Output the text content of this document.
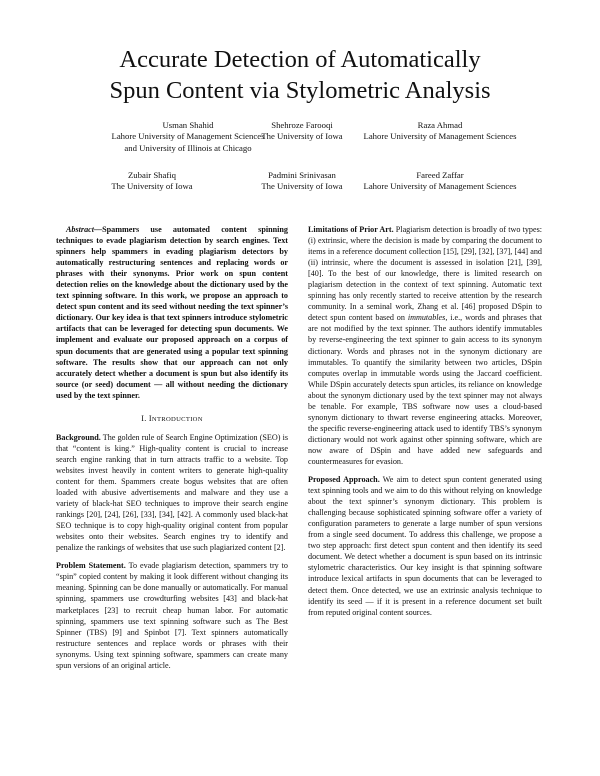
Accurate Detection of Automatically
Spun Content via Stylometric Analysis
Usman Shahid
Lahore University of Management Sciences
and University of Illinois at Chicago
Shehroze Farooqi
The University of Iowa
Raza Ahmad
Lahore University of Management Sciences
Zubair Shafiq
The University of Iowa
Padmini Srinivasan
The University of Iowa
Fareed Zaffar
Lahore University of Management Sciences

Abstract—Spammers use automated content spinning techniques to evade plagiarism detection by search engines. Text spinners help spammers in evading plagiarism detectors by automatically restructuring sentences and replacing words or phrases with their synonyms. Prior work on spun content detection relies on the knowledge about the dictionary used by the text spinning software. In this work, we propose an approach to detect spun content and its seed without needing the text spinner’s dictionary. Our key idea is that text spinners introduce stylometric artifacts that can be leveraged for detecting spun documents. We implement and evaluate our proposed approach on a corpus of spun documents that are generated using a popular text spinning software. The results show that our approach can not only accurately detect whether a document is spun but also identify its source (or seed) document — all without needing the dictionary used by the text spinner.

I. INTRODUCTION

Background. The golden rule of Search Engine Optimization (SEO) is that “content is king.” High-quality content is crucial to increase search engine ranking that in turn attracts traffic to a website. Top websites invest heavily in content writers to generate high-quality content for them. Spammers create bogus websites that are often loaded with abusive advertisements and malware and they use a variety of black-hat SEO techniques to improve their search engine rankings [20], [24], [26], [33], [34], [42]. A commonly used black-hat SEO technique is to copy high-quality original content from popular websites onto their websites. Search engines try to identify and penalize the rankings of websites that use such plagiarized content [2].

Problem Statement. To evade plagiarism detection, spammers try to “spin” copied content by making it look different without changing its meaning. Spinning can be done manually or automatically. For manual spinning, spammers use crowdturfing websites [43] and black-hat marketplaces [23] to recruit cheap human labor. For automatic spinning, spammers use text spinning software such as The Best Spinner (TBS) [9] and Spinbot [7]. Text spinners automatically restructure sentences and replace words or phrases with their synonyms. Using text spinning software, spammers can create many spun versions of an original article.

Limitations of Prior Art. Plagiarism detection is broadly of two types: (i) extrinsic, where the decision is made by comparing the document to items in a reference document collection [15], [29], [32], [37], [44] and (ii) intrinsic, where the document is assessed in isolation [21], [39], [40]. To the best of our knowledge, there is limited research on plagiarism detection in the context of text spinning. Automatic text spinning has only recently started to receive attention by the research community. In a seminal work, Zhang et al. [46] proposed DSpin to detect spun content based on immutables, i.e., words and phrases that are not modified by the text spinner. The authors identify immutables by reverse-engineering the text spinner to gain access to its synonym dictionary. Words and phrases not in the synonym dictionary are immutables. To quantify the similarity between two articles, DSpin computes overlap in immutable words using the Jaccard coefficient. While DSpin accurately detects spun articles, its reliance on knowledge about the synonym dictionary used by the text spinner may not always be tenable. For example, TBS software now uses a cloud-based synonym dictionary to thwart reverse engineering attacks. Moreover, the specific reverse-engineering attack used to identify TBS’s synonym dictionary would not work against other spinning software, which are now aware of DSpin and have added new safeguards and countermeasures for evasion.

Proposed Approach. We aim to detect spun content generated using text spinning tools and we aim to do this without relying on knowledge about the text spinner’s synonym dictionary. This problem is challenging because sophisticated spinning software offer a variety of configuration parameters to generate a large number of spun versions from a single seed document. To address this challenge, we propose a two step approach: first detect spun content and then identify its seed document. We detect whether a document is spun based on its intrinsic stylometric characteristics. Our key insight is that spinning software introduce lexical artifacts in spun documents that can be leveraged to detect them. Once detected, we use an extrinsic analysis technique to identify its seed — if it is present in a reference document set built from reputed original content sources.
